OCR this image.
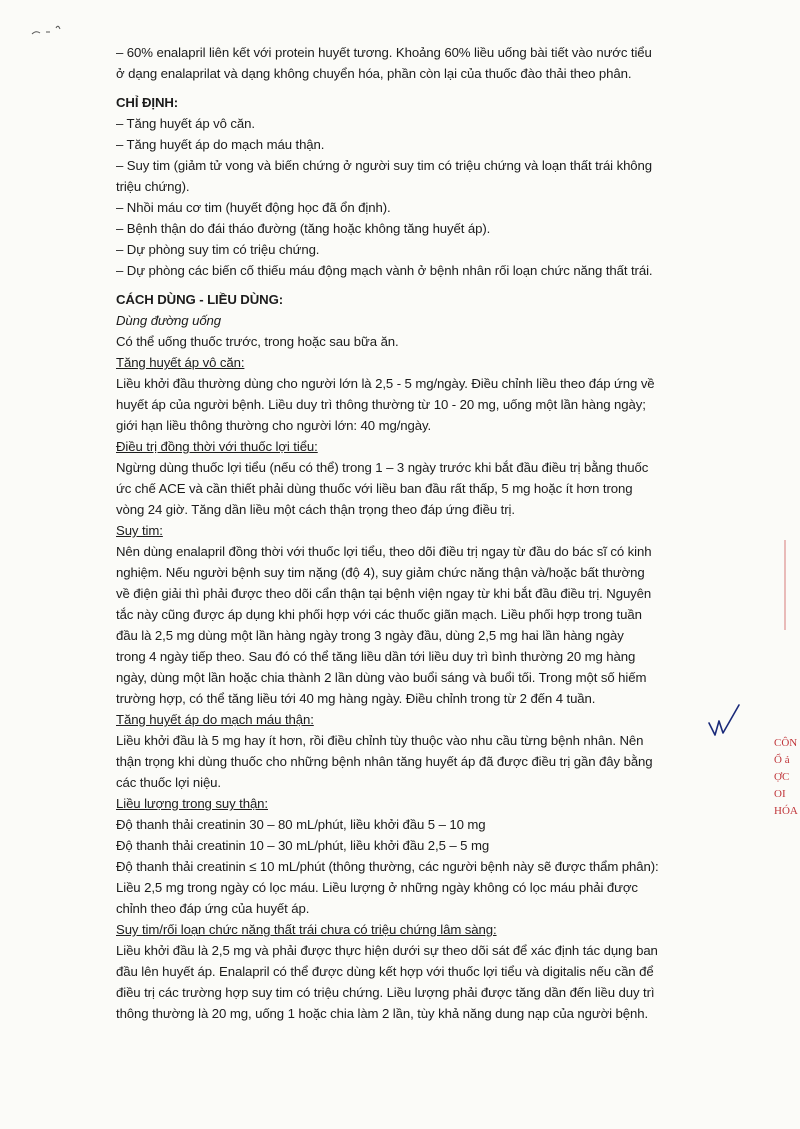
– 60% enalapril liên kết với protein huyết tương. Khoảng 60% liều uống bài tiết vào nước tiểu

ở dạng enalaprilat và dạng không chuyển hóa, phần còn lại của thuốc đào thải theo phân.

CHỈ ĐỊNH:

– Tăng huyết áp vô căn.

– Tăng huyết áp do mạch máu thận.

– Suy tim (giảm tử vong và biến chứng ở người suy tim có triệu chứng và loạn thất trái không

triệu chứng).

– Nhồi máu cơ tim (huyết động học đã ổn định).

– Bệnh thận do đái tháo đường (tăng hoặc không tăng huyết áp).

– Dự phòng suy tim có triệu chứng.

– Dự phòng các biến cố thiếu máu động mạch vành ở bệnh nhân rối loạn chức năng thất trái.

CÁCH DÙNG - LIỀU DÙNG:

Dùng đường uống

Có thể uống thuốc trước, trong hoặc sau bữa ăn.

Tăng huyết áp vô căn:

Liều khởi đầu thường dùng cho người lớn là 2,5 - 5 mg/ngày. Điều chỉnh liều theo đáp ứng về

huyết áp của người bệnh. Liều duy trì thông thường từ 10 - 20 mg, uống một lần hàng ngày;

giới hạn liều thông thường cho người lớn: 40 mg/ngày.

Điều trị đồng thời với thuốc lợi tiểu:

Ngừng dùng thuốc lợi tiểu (nếu có thể) trong 1 – 3 ngày trước khi bắt đầu điều trị bằng thuốc

ức chế ACE và cần thiết phải dùng thuốc với liều ban đầu rất thấp, 5 mg hoặc ít hơn trong

vòng 24 giờ. Tăng dần liều một cách thận trọng theo đáp ứng điều trị.

Suy tim:

Nên dùng enalapril đồng thời với thuốc lợi tiểu, theo dõi điều trị ngay từ đầu do bác sĩ có kinh

nghiệm. Nếu người bệnh suy tim nặng (độ 4), suy giảm chức năng thận và/hoặc bất thường

về điện giải thì phải được theo dõi cẩn thận tại bệnh viện ngay từ khi bắt đầu điều trị. Nguyên

tắc này cũng được áp dụng khi phối hợp với các thuốc giãn mạch. Liều phối hợp trong tuần

đầu là 2,5 mg dùng một lần hàng ngày trong 3 ngày đầu, dùng 2,5 mg hai lần hàng ngày

trong 4 ngày tiếp theo. Sau đó có thể tăng liều dần tới liều duy trì bình thường 20 mg hàng

ngày, dùng một lần hoặc chia thành 2 lần dùng vào buổi sáng và buổi tối. Trong một số hiếm

trường hợp, có thể tăng liều tới 40 mg hàng ngày. Điều chỉnh trong từ 2 đến 4 tuần.

Tăng huyết áp do mạch máu thận:

Liều khởi đầu là 5 mg hay ít hơn, rồi điều chỉnh tùy thuộc vào nhu cầu từng bệnh nhân. Nên

thận trọng khi dùng thuốc cho những bệnh nhân tăng huyết áp đã được điều trị gần đây bằng

các thuốc lợi niệu.

Liều lượng trong suy thận:

Độ thanh thải creatinin 30 – 80 mL/phút, liều khởi đầu 5 – 10 mg

Độ thanh thải creatinin 10 – 30 mL/phút, liều khởi đầu 2,5 – 5 mg

Độ thanh thải creatinin ≤ 10 mL/phút (thông thường, các người bệnh này sẽ được thẩm phân):

Liều 2,5 mg trong ngày có lọc máu. Liều lượng ở những ngày không có lọc máu phải được

chỉnh theo đáp ứng của huyết áp.

Suy tim/rối loạn chức năng thất trái chưa có triệu chứng lâm sàng:

Liều khởi đầu là 2,5 mg và phải được thực hiện dưới sự theo dõi sát để xác định tác dụng ban

đầu lên huyết áp. Enalapril có thể được dùng kết hợp với thuốc lợi tiểu và digitalis nếu cần để

điều trị các trường hợp suy tim có triệu chứng. Liều lượng phải được tăng dần đến liều duy trì

thông thường là 20 mg, uống 1 hoặc chia làm 2 lần, tùy khả năng dung nạp của người bệnh.

CÔN
Ổ ả
ỢC
OI
HÓA
